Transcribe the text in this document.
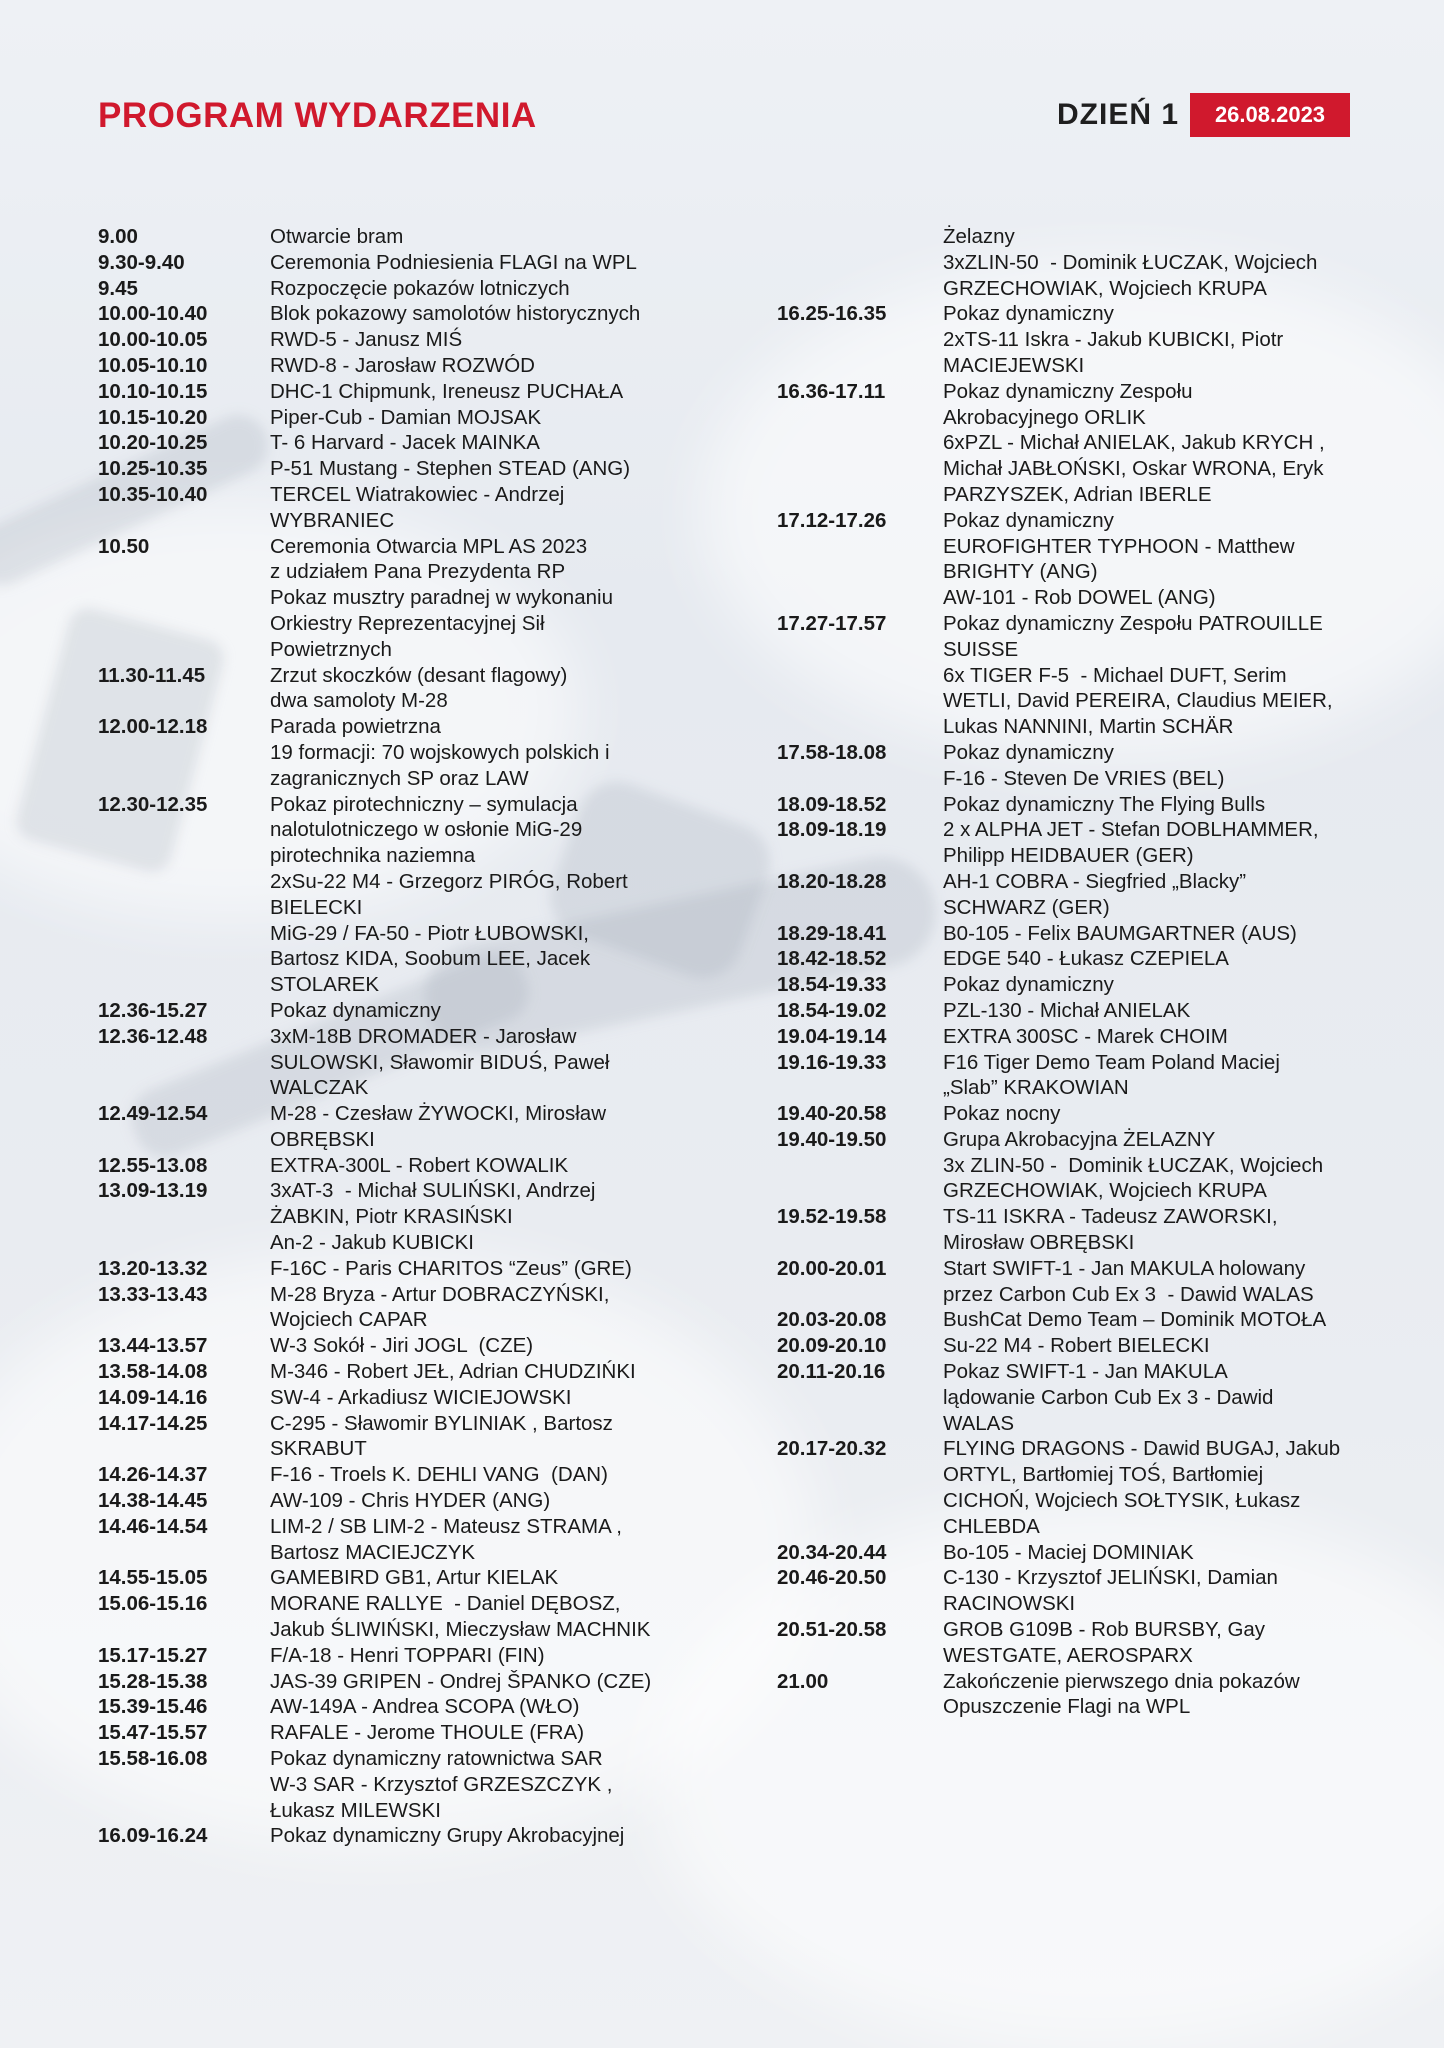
PROGRAM WYDARZENIA	DZIEŃ 1	26.08.2023
9.00	Otwarcie bram
9.30-9.40	Ceremonia Podniesienia FLAGI na WPL
9.45	Rozpoczęcie pokazów lotniczych
10.00-10.40	Blok pokazowy samolotów historycznych
10.00-10.05	RWD-5 - Janusz MIŚ
10.05-10.10	RWD-8 - Jarosław ROZWÓD
10.10-10.15	DHC-1 Chipmunk, Ireneusz PUCHAŁA
10.15-10.20	Piper-Cub - Damian MOJSAK
10.20-10.25	T- 6 Harvard - Jacek MAINKA
10.25-10.35	P-51 Mustang - Stephen STEAD (ANG)
10.35-10.40	TERCEL Wiatrakowiec - Andrzej
WYBRANIEC
10.50	Ceremonia Otwarcia MPL AS 2023
z udziałem Pana Prezydenta RP
Pokaz musztry paradnej w wykonaniu
Orkiestry Reprezentacyjnej Sił
Powietrznych
11.30-11.45	Zrzut skoczków (desant flagowy)
dwa samoloty M-28
12.00-12.18	Parada powietrzna
19 formacji: 70 wojskowych polskich i
zagranicznych SP oraz LAW
12.30-12.35	Pokaz pirotechniczny – symulacja
nalotulotniczego w osłonie MiG-29
pirotechnika naziemna
2xSu-22 M4 - Grzegorz PIRÓG, Robert
BIELECKI
MiG-29 / FA-50 - Piotr ŁUBOWSKI,
Bartosz KIDA, Soobum LEE, Jacek
STOLAREK
12.36-15.27	Pokaz dynamiczny
12.36-12.48	3xM-18B DROMADER - Jarosław
SULOWSKI, Sławomir BIDUŚ, Paweł
WALCZAK
12.49-12.54	M-28 - Czesław ŻYWOCKI, Mirosław
OBRĘBSKI
12.55-13.08	EXTRA-300L - Robert KOWALIK
13.09-13.19	3xAT-3  - Michał SULIŃSKI, Andrzej
ŻABKIN, Piotr KRASIŃSKI
An-2 - Jakub KUBICKI
13.20-13.32	F-16C - Paris CHARITOS “Zeus” (GRE)
13.33-13.43	M-28 Bryza - Artur DOBRACZYŃSKI,
Wojciech CAPAR
13.44-13.57	W-3 Sokół - Jiri JOGL  (CZE)
13.58-14.08	M-346 - Robert JEŁ, Adrian CHUDZIŃKI
14.09-14.16	SW-4 - Arkadiusz WICIEJOWSKI
14.17-14.25	C-295 - Sławomir BYLINIAK , Bartosz
SKRABUT
14.26-14.37	F-16 - Troels K. DEHLI VANG  (DAN)
14.38-14.45	AW-109 - Chris HYDER (ANG)
14.46-14.54	LIM-2 / SB LIM-2 - Mateusz STRAMA ,
Bartosz MACIEJCZYK
14.55-15.05	GAMEBIRD GB1, Artur KIELAK
15.06-15.16	MORANE RALLYE  - Daniel DĘBOSZ,
Jakub ŚLIWIŃSKI, Mieczysław MACHNIK
15.17-15.27	F/A-18 - Henri TOPPARI (FIN)
15.28-15.38	JAS-39 GRIPEN - Ondrej ŠPANKO (CZE)
15.39-15.46	AW-149A - Andrea SCOPA (WŁO)
15.47-15.57	RAFALE - Jerome THOULE (FRA)
15.58-16.08	Pokaz dynamiczny ratownictwa SAR
W-3 SAR - Krzysztof GRZESZCZYK ,
Łukasz MILEWSKI
16.09-16.24	Pokaz dynamiczny Grupy Akrobacyjnej
Żelazny
3xZLIN-50  - Dominik ŁUCZAK, Wojciech
GRZECHOWIAK, Wojciech KRUPA
16.25-16.35	Pokaz dynamiczny
2xTS-11 Iskra - Jakub KUBICKI, Piotr
MACIEJEWSKI
16.36-17.11	Pokaz dynamiczny Zespołu
Akrobacyjnego ORLIK
6xPZL - Michał ANIELAK, Jakub KRYCH ,
Michał JABŁOŃSKI, Oskar WRONA, Eryk
PARZYSZEK, Adrian IBERLE
17.12-17.26	Pokaz dynamiczny
EUROFIGHTER TYPHOON - Matthew
BRIGHTY (ANG)
AW-101 - Rob DOWEL (ANG)
17.27-17.57	Pokaz dynamiczny Zespołu PATROUILLE
SUISSE
6x TIGER F-5  - Michael DUFT, Serim
WETLI, David PEREIRA, Claudius MEIER,
Lukas NANNINI, Martin SCHÄR
17.58-18.08	Pokaz dynamiczny
F-16 - Steven De VRIES (BEL)
18.09-18.52	Pokaz dynamiczny The Flying Bulls
18.09-18.19	2 x ALPHA JET - Stefan DOBLHAMMER,
Philipp HEIDBAUER (GER)
18.20-18.28	AH-1 COBRA - Siegfried „Blacky”
SCHWARZ (GER)
18.29-18.41	B0-105 - Felix BAUMGARTNER (AUS)
18.42-18.52	EDGE 540 - Łukasz CZEPIELA
18.54-19.33	Pokaz dynamiczny
18.54-19.02	PZL-130 - Michał ANIELAK
19.04-19.14	EXTRA 300SC - Marek CHOIM
19.16-19.33	F16 Tiger Demo Team Poland Maciej
„Slab” KRAKOWIAN
19.40-20.58	Pokaz nocny
19.40-19.50	Grupa Akrobacyjna ŻELAZNY
3x ZLIN-50 -  Dominik ŁUCZAK, Wojciech
GRZECHOWIAK, Wojciech KRUPA
19.52-19.58	TS-11 ISKRA - Tadeusz ZAWORSKI,
Mirosław OBRĘBSKI
20.00-20.01	Start SWIFT-1 - Jan MAKULA holowany
przez Carbon Cub Ex 3  - Dawid WALAS
20.03-20.08	BushCat Demo Team – Dominik MOTOŁA
20.09-20.10	Su-22 M4 - Robert BIELECKI
20.11-20.16	Pokaz SWIFT-1 - Jan MAKULA
lądowanie Carbon Cub Ex 3 - Dawid
WALAS
20.17-20.32	FLYING DRAGONS - Dawid BUGAJ, Jakub
ORTYL, Bartłomiej TOŚ, Bartłomiej
CICHOŃ, Wojciech SOŁTYSIK, Łukasz
CHLEBDA
20.34-20.44	Bo-105 - Maciej DOMINIAK
20.46-20.50	C-130 - Krzysztof JELIŃSKI, Damian
RACINOWSKI
20.51-20.58	GROB G109B - Rob BURSBY, Gay
WESTGATE, AEROSPARX
21.00	Zakończenie pierwszego dnia pokazów
Opuszczenie Flagi na WPL
